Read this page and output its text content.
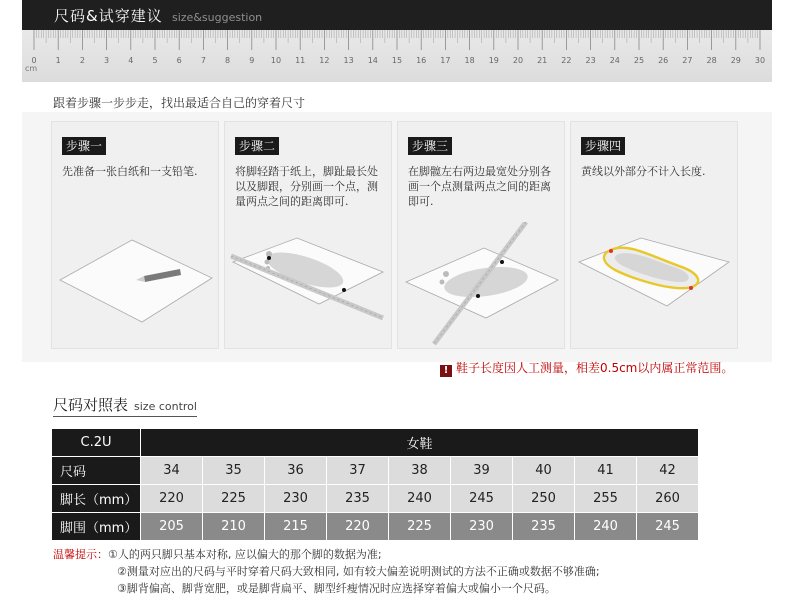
尺码&试穿建议 size&suggestion
0 1 2 3 4 5 6 7 8 9 10 11 12 13 14 15 16 17 18 19 20 21 22 23 24 25 26 27 28 29 30
cm
跟着步骤一步步走，找出最适合自己的穿着尺寸
步骤一
先准备一张白纸和一支铅笔.
步骤二
将脚轻踏于纸上，脚趾最长处以及脚跟，分别画一个点，测量两点之间的距离即可.
步骤三
在脚髋左右两边最宽处分别各画一个点测量两点之间的距离即可.
步骤四
黄线以外部分不计入长度.
! 鞋子长度因人工测量，相差0.5cm以内属正常范围。
尺码对照表 size control
C.2U	女鞋								
尺码	34	35	36	37	38	39	40	41	42
脚长（mm）	220	225	230	235	240	245	250	255	260
脚围（mm）	205	210	215	220	225	230	235	240	245
温馨提示：①人的两只脚只基本对称, 应以偏大的那个脚的数据为准;
②测量对应出的尺码与平时穿着尺码大致相同, 如有较大偏差说明测试的方法不正确或数据不够准确;
③脚背偏高、脚背宽肥，或是脚背扁平、脚型纤瘦情况时应选择穿着偏大或偏小一个尺码。
